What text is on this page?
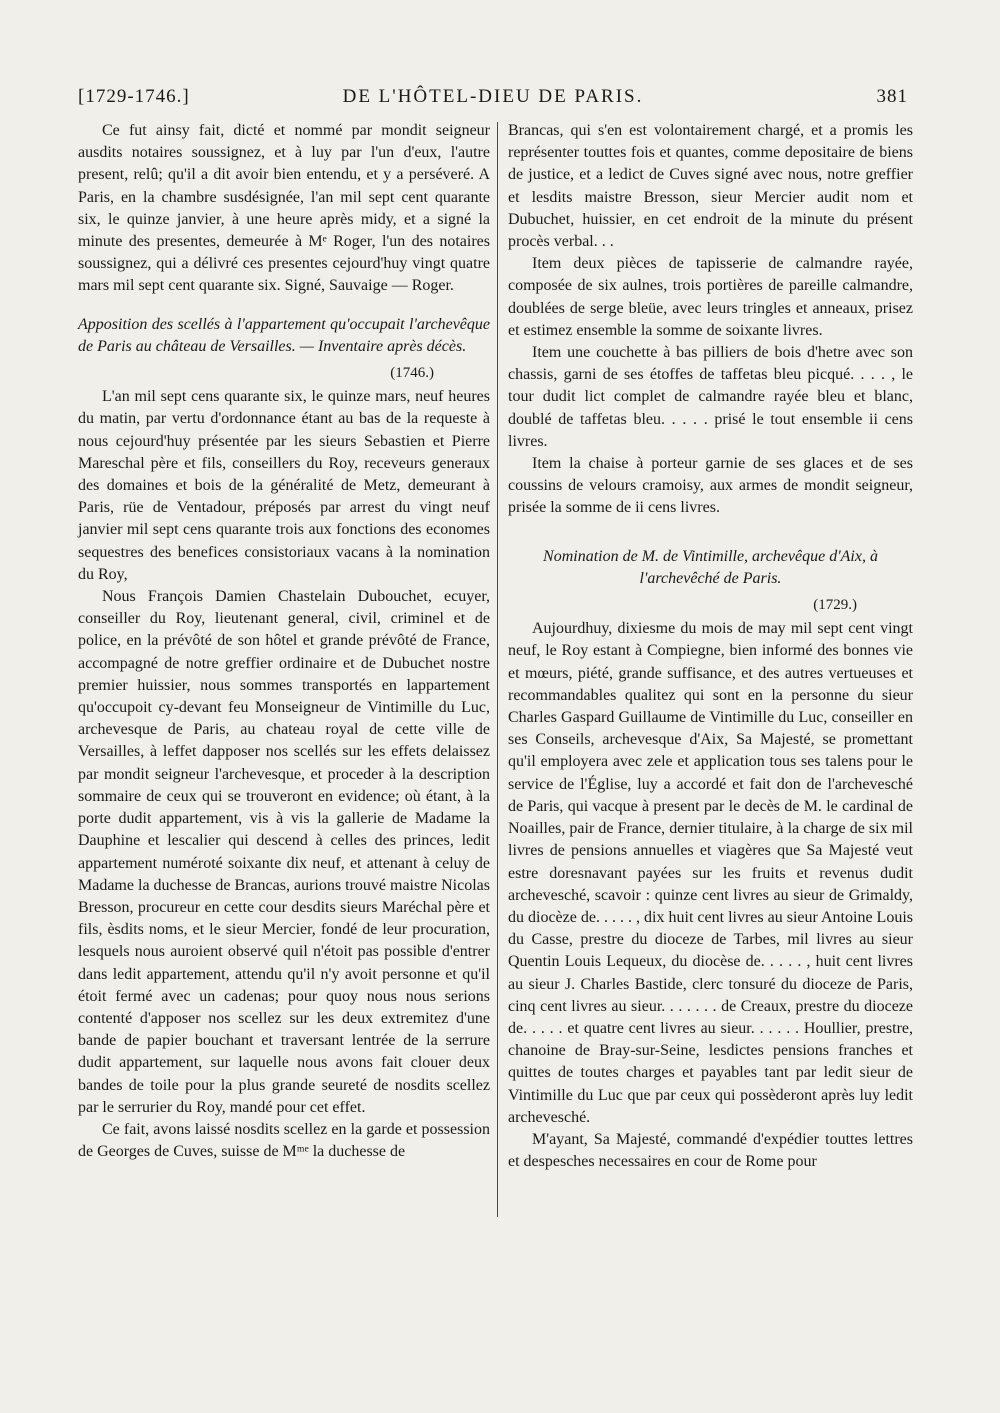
[1729-1746.]	DE L'HÔTEL-DIEU DE PARIS.	381

Ce fut ainsy fait, dicté et nommé par mondit seigneur ausdits notaires soussignez, et à luy par l'un d'eux, l'autre present, relû; qu'il a dit avoir bien entendu, et y a perséveré. A Paris, en la chambre susdésignée, l'an mil sept cent quarante six, le quinze janvier, à une heure après midy, et a signé la minute des presentes, demeurée à Mᵉ Roger, l'un des notaires soussignez, qui a délivré ces presentes cejourd'huy vingt quatre mars mil sept cent quarante six. Signé, Sauvaige — Roger.

Apposition des scellés à l'appartement qu'occupait l'archevêque de Paris au château de Versailles. — Inventaire après décès.

(1746.)

L'an mil sept cens quarante six, le quinze mars, neuf heures du matin, par vertu d'ordonnance étant au bas de la requeste à nous cejourd'huy présentée par les sieurs Sebastien et Pierre Mareschal père et fils, conseillers du Roy, receveurs generaux des domaines et bois de la généralité de Metz, demeurant à Paris, rüe de Ventadour, préposés par arrest du vingt neuf janvier mil sept cens quarante trois aux fonctions des economes sequestres des benefices consistoriaux vacans à la nomination du Roy,

Nous François Damien Chastelain Dubouchet, ecuyer, conseiller du Roy, lieutenant general, civil, criminel et de police, en la prévôté de son hôtel et grande prévôté de France, accompagné de notre greffier ordinaire et de Dubuchet nostre premier huissier, nous sommes transportés en lappartement qu'occupoit cy-devant feu Monseigneur de Vintimille du Luc, archevesque de Paris, au chateau royal de cette ville de Versailles, à leffet dapposer nos scellés sur les effets delaissez par mondit seigneur l'archevesque, et proceder à la description sommaire de ceux qui se trouveront en evidence; où étant, à la porte dudit appartement, vis à vis la gallerie de Madame la Dauphine et lescalier qui descend à celles des princes, ledit appartement numéroté soixante dix neuf, et attenant à celuy de Madame la duchesse de Brancas, aurions trouvé maistre Nicolas Bresson, procureur en cette cour desdits sieurs Maréchal père et fils, èsdits noms, et le sieur Mercier, fondé de leur procuration, lesquels nous auroient observé quil n'étoit pas possible d'entrer dans ledit appartement, attendu qu'il n'y avoit personne et qu'il étoit fermé avec un cadenas; pour quoy nous nous serions contenté d'apposer nos scellez sur les deux extremitez d'une bande de papier bouchant et traversant lentrée de la serrure dudit appartement, sur laquelle nous avons fait clouer deux bandes de toile pour la plus grande seureté de nosdits scellez par le serrurier du Roy, mandé pour cet effet.

Ce fait, avons laissé nosdits scellez en la garde et possession de Georges de Cuves, suisse de Mᵐᵉ la duchesse de

Brancas, qui s'en est volontairement chargé, et a promis les représenter touttes fois et quantes, comme depositaire de biens de justice, et a ledict de Cuves signé avec nous, notre greffier et lesdits maistre Bresson, sieur Mercier audit nom et Dubuchet, huissier, en cet endroit de la minute du présent procès verbal. . .

Item deux pièces de tapisserie de calmandre rayée, composée de six aulnes, trois portières de pareille calmandre, doublées de serge bleüe, avec leurs tringles et anneaux, prisez et estimez ensemble la somme de soixante livres.

Item une couchette à bas pilliers de bois d'hetre avec son chassis, garni de ses étoffes de taffetas bleu picqué. . . . , le tour dudit lict complet de calmandre rayée bleu et blanc, doublé de taffetas bleu. . . . . prisé le tout ensemble ii cens livres.

Item la chaise à porteur garnie de ses glaces et de ses coussins de velours cramoisy, aux armes de mondit seigneur, prisée la somme de ii cens livres.

Nomination de M. de Vintimille, archevêque d'Aix, à l'archevêché de Paris.

(1729.)

Aujourdhuy, dixiesme du mois de may mil sept cent vingt neuf, le Roy estant à Compiegne, bien informé des bonnes vie et mœurs, piété, grande suffisance, et des autres vertueuses et recommandables qualitez qui sont en la personne du sieur Charles Gaspard Guillaume de Vintimille du Luc, conseiller en ses Conseils, archevesque d'Aix, Sa Majesté, se promettant qu'il employera avec zele et application tous ses talens pour le service de l'Église, luy a accordé et fait don de l'archevesché de Paris, qui vacque à present par le decès de M. le cardinal de Noailles, pair de France, dernier titulaire, à la charge de six mil livres de pensions annuelles et viagères que Sa Majesté veut estre doresnavant payées sur les fruits et revenus dudit archevesché, scavoir : quinze cent livres au sieur de Grimaldy, du diocèze de. . . . . , dix huit cent livres au sieur Antoine Louis du Casse, prestre du dioceze de Tarbes, mil livres au sieur Quentin Louis Lequeux, du diocèse de. . . . . , huit cent livres au sieur J. Charles Bastide, clerc tonsuré du dioceze de Paris, cinq cent livres au sieur. . . . . . . de Creaux, prestre du dioceze de. . . . . et quatre cent livres au sieur. . . . . . Houllier, prestre, chanoine de Bray-sur-Seine, lesdictes pensions franches et quittes de toutes charges et payables tant par ledit sieur de Vintimille du Luc que par ceux qui possèderont après luy ledit archevesché.

M'ayant, Sa Majesté, commandé d'expédier touttes lettres et despesches necessaires en cour de Rome pour
